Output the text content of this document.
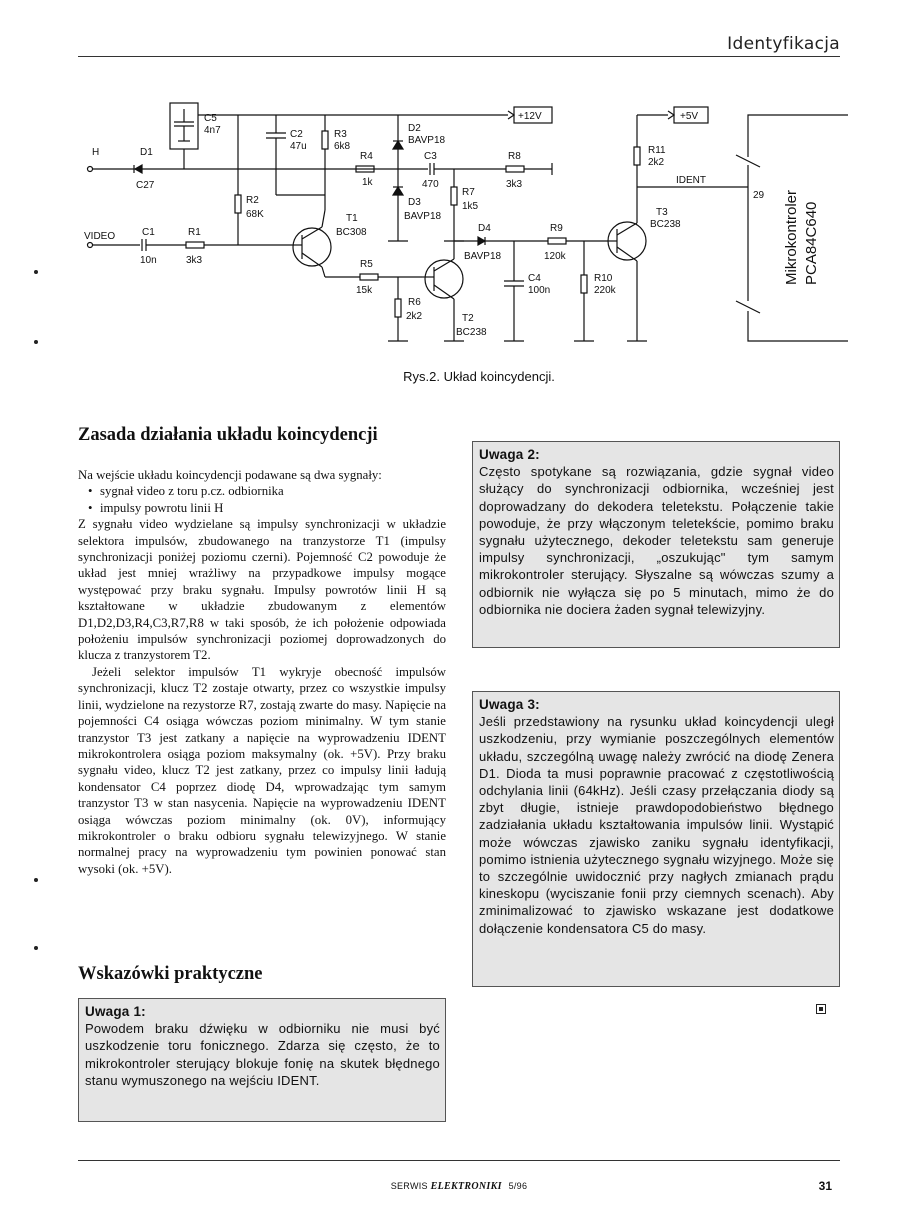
Identyfikacja
H	D1
C27
VIDEO	C1
10n
R1
3k3
C5
4n7	C2
47u
R3
6k8
R2
68K
R4
1k
T1
BC308
R5
15k
R6
2k2
D2
BAVP18
C3
470
D3
BAVP18
R7
1k5
R8
3k3
D4
BAVP18
R9
120k
T2
BC238
C4
100n
R10
220k
+12V	+5V
R11
2k2
IDENT
T3
BC238
29 Mikrokontroler PCA84C640
Rys.2. Układ koincydencji.
Zasada działania układu koincydencji

Na wejście układu koincydencji podawane są dwa sygnały:

• sygnał video z toru p.cz. odbiornika
• impulsy powrotu linii H

Z sygnału video wydzielane są impulsy synchronizacji w układzie selektora impulsów, zbudowanego na tranzystorze T1 (impulsy synchronizacji poniżej poziomu czerni). Pojemność C2 powoduje że układ jest mniej wrażliwy na przypadkowe impulsy mogące występować przy braku sygnału. Impulsy powrotów linii H są kształtowane w układzie zbudowanym z elementów D1,D2,D3,R4,C3,R7,R8 w taki sposób, że ich położenie odpowiada położeniu impulsów synchronizacji poziomej doprowadzonych do klucza z tranzystorem T2.

Jeżeli selektor impulsów T1 wykryje obecność impulsów synchronizacji, klucz T2 zostaje otwarty, przez co wszystkie impulsy linii, wydzielone na rezystorze R7, zostają zwarte do masy. Napięcie na pojemności C4 osiąga wówczas poziom minimalny. W tym stanie tranzystor T3 jest zatkany a napięcie na wyprowadzeniu IDENT mikrokontrolera osiąga poziom maksymalny (ok. +5V). Przy braku sygnału video, klucz T2 jest zatkany, przez co impulsy linii ładują kondensator C4 poprzez diodę D4, wprowadzając tym samym tranzystor T3 w stan nasycenia. Napięcie na wyprowadzeniu IDENT osiąga wówczas poziom minimalny (ok. 0V), informujący mikrokontroler o braku odbioru sygnału telewizyjnego. W stanie normalnej pracy na wyprowadzeniu tym powinien ponować stan wysoki (ok. +5V).

Wskazówki praktyczne
Uwaga 1:
Powodem braku dźwięku w odbiorniku nie musi być uszkodzenie toru fonicznego. Zdarza się często, że to mikrokontroler sterujący blokuje fonię na skutek błędnego stanu wymuszonego na wejściu IDENT.
Uwaga 2:
Często spotykane są rozwiązania, gdzie sygnał video służący do synchronizacji odbiornika, wcześniej jest doprowadzany do dekodera teletekstu. Połączenie takie powoduje, że przy włączonym teletekście, pomimo braku sygnału użytecznego, dekoder teletekstu sam generuje impulsy synchronizacji, „oszukując" tym samym mikrokontroler sterujący. Słyszalne są wówczas szumy a odbiornik nie wyłącza się po 5 minutach, mimo że do odbiornika nie dociera żaden sygnał telewizyjny.
Uwaga 3:
Jeśli przedstawiony na rysunku układ koincydencji uległ uszkodzeniu, przy wymianie poszczególnych elementów układu, szczególną uwagę należy zwrócić na diodę Zenera D1. Dioda ta musi poprawnie pracować z częstotliwością odchylania linii (64kHz). Jeśli czasy przełączania diody są zbyt długie, istnieje prawdopodobieństwo błędnego zadziałania układu kształtowania impulsów linii. Wystąpić może wówczas zjawisko zaniku sygnału identyfikacji, pomimo istnienia użytecznego sygnału wizyjnego. Może się to szczególnie uwidocznić przy nagłych zmianach prądu kineskopu (wyciszanie fonii przy ciemnych scenach). Aby zminimalizować to zjawisko wskazane jest dodatkowe dołączenie kondensatora C5 do masy.
SERWIS ELEKTRONIKI 5/96	31
